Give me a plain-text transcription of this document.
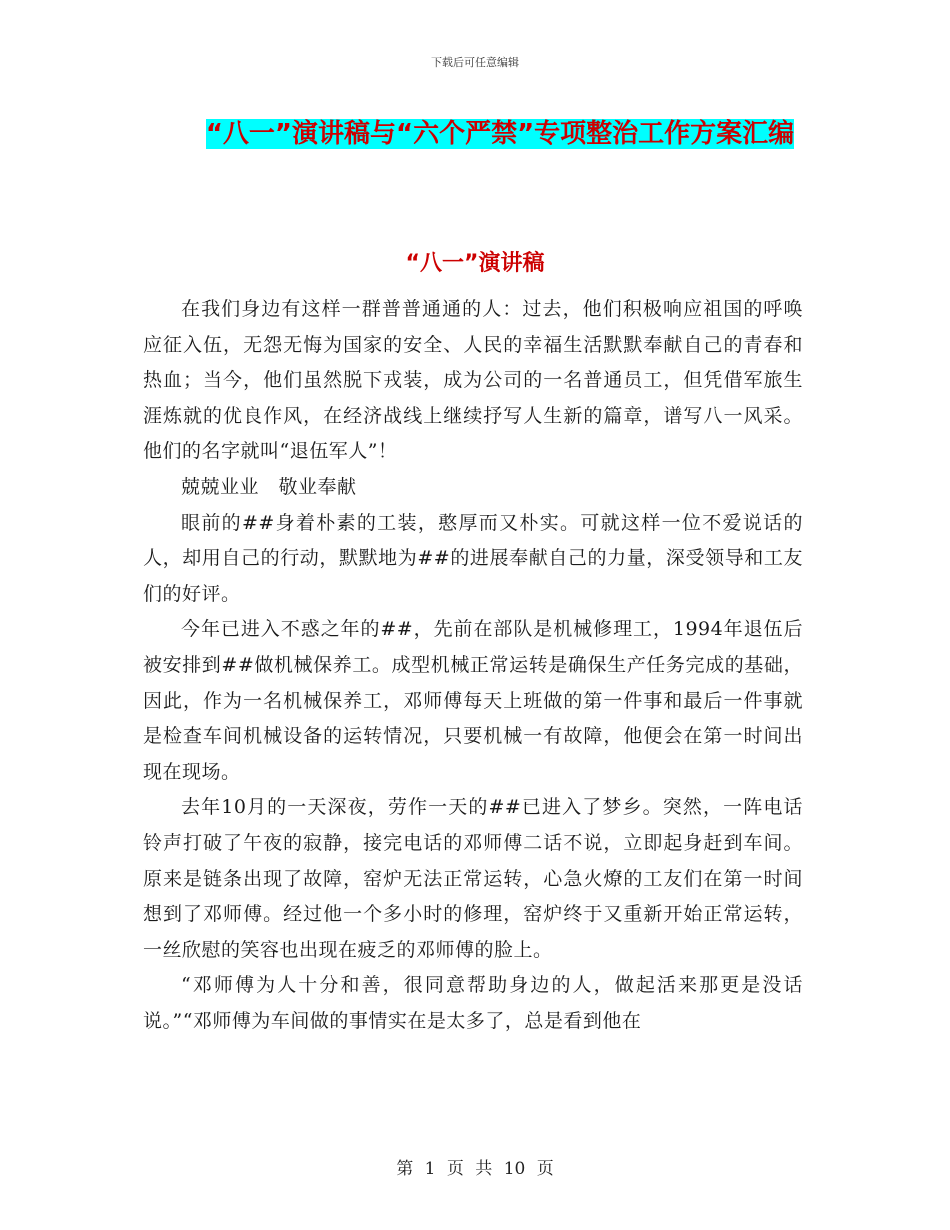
下载后可任意编辑
“八一”演讲稿与“六个严禁”专项整治工作方案汇编
“八一”演讲稿

在我们身边有这样一群普普通通的人：过去，他们积极响应祖国的呼唤应征入伍，无怨无悔为国家的安全、人民的幸福生活默默奉献自己的青春和热血；当今，他们虽然脱下戎装，成为公司的一名普通员工，但凭借军旅生涯炼就的优良作风，在经济战线上继续抒写人生新的篇章，谱写八一风采。他们的名字就叫“退伍军人”！

兢兢业业　敬业奉献

眼前的##身着朴素的工装，憨厚而又朴实。可就这样一位不爱说话的人，却用自己的行动，默默地为##的进展奉献自己的力量，深受领导和工友们的好评。

今年已进入不惑之年的##，先前在部队是机械修理工，1994年退伍后被安排到##做机械保养工。成型机械正常运转是确保生产任务完成的基础，因此，作为一名机械保养工，邓师傅每天上班做的第一件事和最后一件事就是检查车间机械设备的运转情况，只要机械一有故障，他便会在第一时间出现在现场。

去年10月的一天深夜，劳作一天的##已进入了梦乡。突然，一阵电话铃声打破了午夜的寂静，接完电话的邓师傅二话不说，立即起身赶到车间。原来是链条出现了故障，窑炉无法正常运转，心急火燎的工友们在第一时间想到了邓师傅。经过他一个多小时的修理，窑炉终于又重新开始正常运转，一丝欣慰的笑容也出现在疲乏的邓师傅的脸上。

“邓师傅为人十分和善，很同意帮助身边的人，做起活来那更是没话说。”“邓师傅为车间做的事情实在是太多了，总是看到他在

第 1 页 共 10 页
